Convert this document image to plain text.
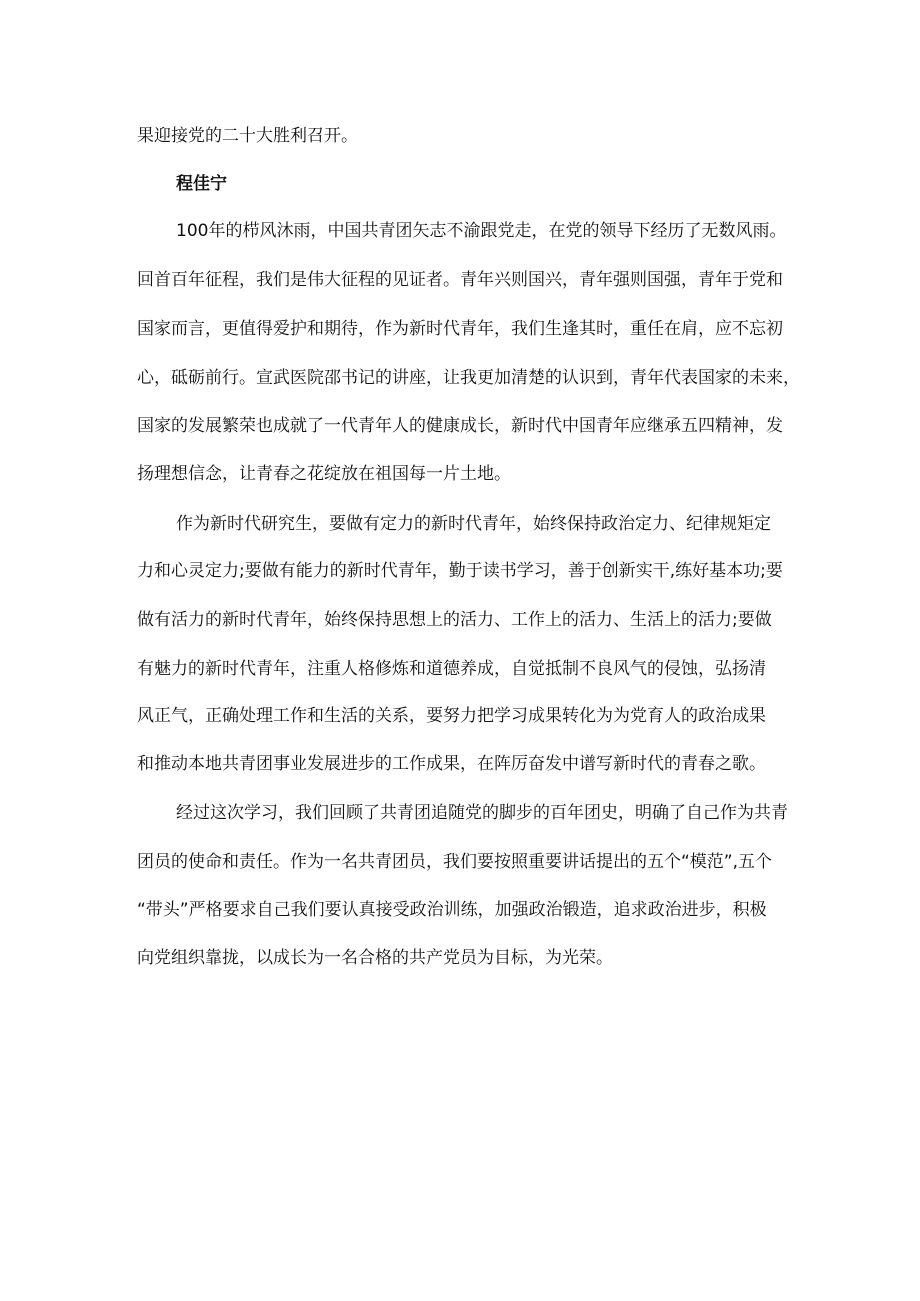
果迎接党的二十大胜利召开。
程佳宁
100年的栉风沐雨，中国共青团矢志不渝跟党走，在党的领导下经历了无数风雨。
回首百年征程，我们是伟大征程的见证者。青年兴则国兴，青年强则国强，青年于党和
国家而言，更值得爱护和期待，作为新时代青年，我们生逢其时，重任在肩，应不忘初
心，砥砺前行。宣武医院邵书记的讲座，让我更加清楚的认识到，青年代表国家的未来，
国家的发展繁荣也成就了一代青年人的健康成长，新时代中国青年应继承五四精神，发
扬理想信念，让青春之花绽放在祖国每一片土地。
作为新时代研究生，要做有定力的新时代青年，始终保持政治定力、纪律规矩定
力和心灵定力;要做有能力的新时代青年，勤于读书学习，善于创新实干,练好基本功;要
做有活力的新时代青年，始终保持思想上的活力、工作上的活力、生活上的活力;要做
有魅力的新时代青年，注重人格修炼和道德养成，自觉抵制不良风气的侵蚀，弘扬清
风正气，正确处理工作和生活的关系，要努力把学习成果转化为为党育人的政治成果
和推动本地共青团事业发展进步的工作成果，在阵厉奋发中谱写新时代的青春之歌。
经过这次学习，我们回顾了共青团追随党的脚步的百年团史，明确了自己作为共青
团员的使命和责任。作为一名共青团员，我们要按照重要讲话提出的五个“模范”,五个
“带头”严格要求自己我们要认真接受政治训练，加强政治锻造，追求政治进步，积极
向党组织靠拢，以成长为一名合格的共产党员为目标，为光荣。
